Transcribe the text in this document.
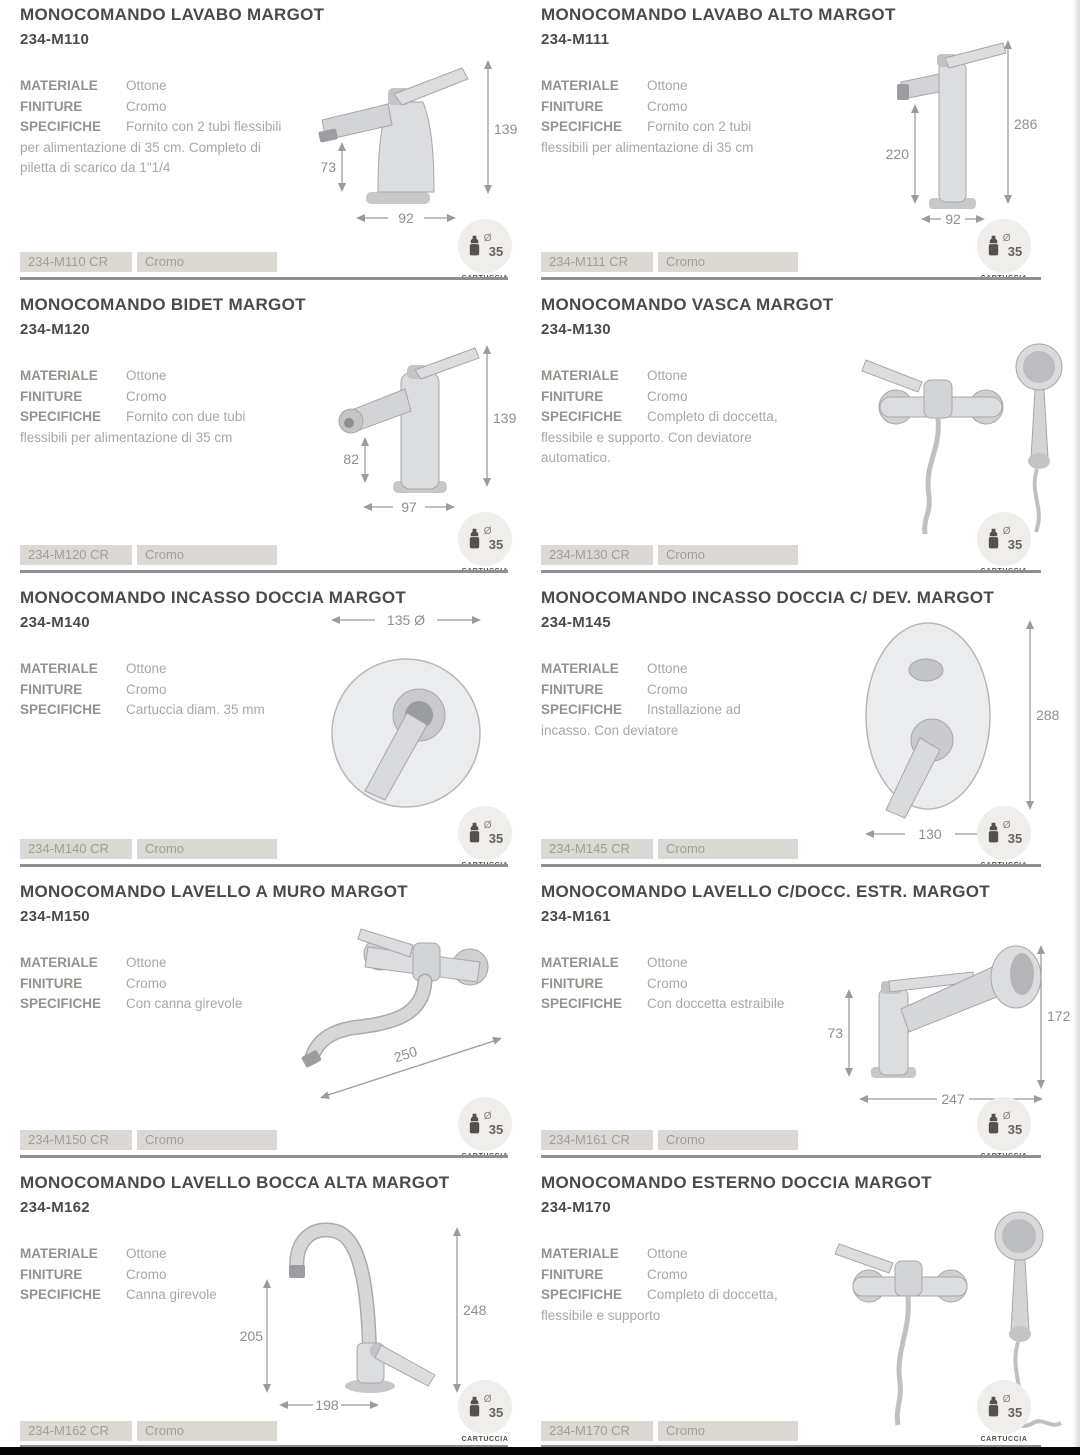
MONOCOMANDO LAVABO MARGOT
234-M110
MATERIALE Ottone
FINITURE	Cromo
SPECIFICHE Fornito con 2 tubi flessibili per alimentazione di 35 cm. Completo di piletta di scarico da 1"1/4
139
73
92
234-M110 CR	Cromo
Ø
35
MONOCOMANDO LAVABO ALTO MARGOT
234-M111
MATERIALE Ottone
FINITURE	Cromo
SPECIFICHE Fornito con 2 tubi flessibili per alimentazione di 35 cm	220
286
92
234-M111 CR	Cromo
Ø
35
MONOCOMANDO BIDET MARGOT
234-M120
MATERIALE Ottone
FINITURE	Cromo
SPECIFICHE Fornito con due tubi flessibili per alimentazione di 35 cm
139
82
97
234-M120 CR	Cromo
Ø
35
MONOCOMANDO VASCA MARGOT
234-M130
MATERIALE Ottone
FINITURE	Cromo
SPECIFICHE Completo di doccetta, flessibile e supporto. Con deviatore automatico.
234-M130 CR	Cromo
Ø
35
MONOCOMANDO INCASSO DOCCIA MARGOT
234-M140
MATERIALE Ottone
FINITURE	Cromo
SPECIFICHE Cartuccia diam. 35 mm
135 Ø
234-M140 CR	Cromo
Ø
35
MONOCOMANDO INCASSO DOCCIA C/ DEV. MARGOT
234-M145
MATERIALE Ottone
FINITURE	Cromo
SPECIFICHE Installazione ad incasso. Con deviatore
288
130
234-M145 CR	Cromo
Ø
35
MONOCOMANDO LAVELLO A MURO MARGOT
234-M150
MATERIALE Ottone
FINITURE	Cromo
SPECIFICHE Con canna girevole
250
234-M150 CR	Cromo
Ø
35
MONOCOMANDO LAVELLO C/DOCC. ESTR. MARGOT
234-M161
MATERIALE Ottone
FINITURE	Cromo
SPECIFICHE Con doccetta estraibile
73
172
247
234-M161 CR	Cromo
Ø
35
MONOCOMANDO LAVELLO BOCCA ALTA MARGOT
234-M162
MATERIALE Ottone
FINITURE	Cromo
SPECIFICHE Canna girevole
205
248
198
234-M162 CR	Cromo
Ø
35
CARTUCCIA
MONOCOMANDO ESTERNO DOCCIA MARGOT
234-M170
MATERIALE Ottone
FINITURE	Cromo
SPECIFICHE Completo di doccetta, flessibile e supporto
234-M170 CR	Cromo
Ø
35
CARTUCCIA
